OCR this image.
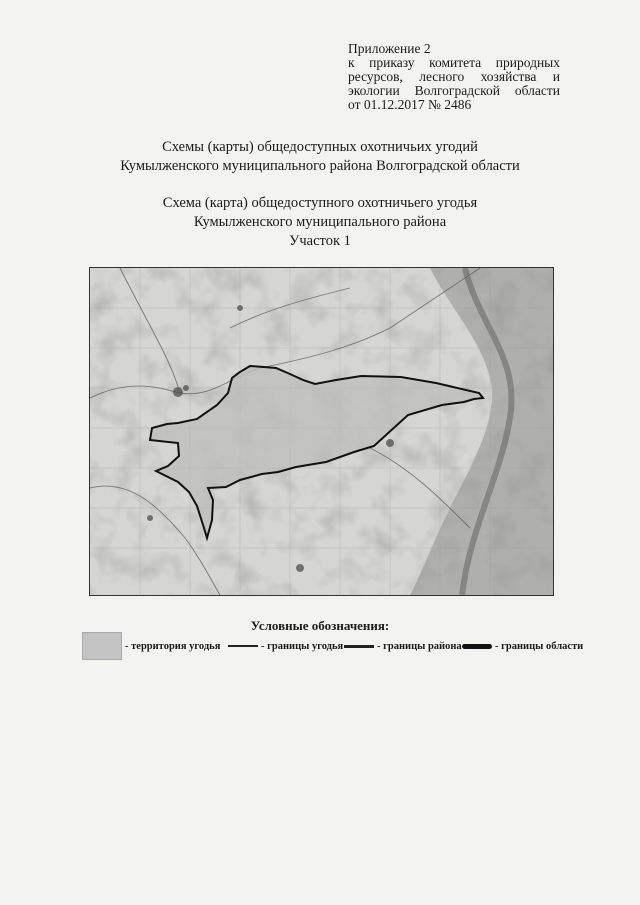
Приложение 2
к приказу комитета природных
ресурсов, лесного хозяйства и
экологии Волгоградской области
от 01.12.2017 № 2486
Схемы (карты) общедоступных охотничьих угодий
Кумылженского муниципального района Волгоградской области
Схема (карта) общедоступного охотничьего угодья
Кумылженского муниципального района
Участок 1
Условные обозначения:
- территория угодья	- границы угодья	- границы района	- границы области
